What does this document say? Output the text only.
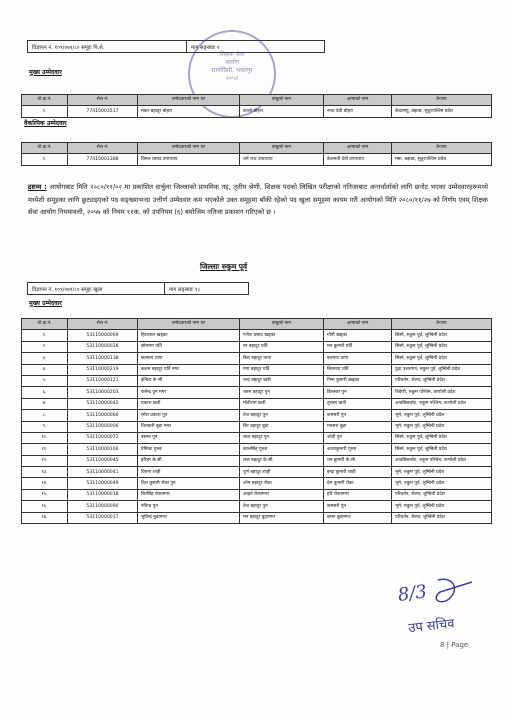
विज्ञापन नं. १०९/०७९/८० समूहः पि.शे.	माग सङ्ख्याः १
शिक्षक सेवा
आयोग
सानोठिमी, भक्तपुर
२०५२
मुख्य उम्मेदवार
यो.क्र.नं.	रोल नं.	उम्मेदवारको नाम थर	बाबुको नाम	आमाको नाम	ठेगाना
१.	77410003517	मकर बहादुर बोहरा	कालो बोहरा	नन्दा देवी बोहरा	केदारस्यु, बझाङ, सुदुरपश्चिम प्रदेश
वैकल्पिक उम्मेदवार
यो.क्र.नं.	रोल नं.	उम्मेदवारको नाम थर	बाबुको नाम	आमाको नाम	ठेगाना
१.	77410001388	विमल प्रसाद उपाध्याय	धर्म राज उपाध्याय	केशमती देवी उपाध्याय	मष्टा, बझाङ, सुदुरपश्चिम प्रदेश
द्रष्टव्य : आयोगबाट मिति २०८०/११/०२ मा प्रकाशित दार्चुला जिल्लाको प्राथमिक तह, तृतीय श्रेणी, शिक्षक पदको लिखित परीक्षाको नतिजाबाट अन्तर्वार्ताको लागि छनोट भएका उम्मेदवारहरूमध्ये मध्येशी समूहका लागि छुट्याइएको पद सङ्ख्याभन्दा उत्तीर्ण उम्मेदवार कम भएकोले उक्त समूहमा बाँकी रहेको पद खुला समूहमा कायम गरी आयोगको मिति २०८०/११/२७ को निर्णय एवम् शिक्षक सेवा आयोग नियमावली, २०५७ को नियम ११क. को उपनियम (६) बमोजिम नतिजा प्रकाशन गरिएको छ ।
जिल्लाः रुकुम पूर्व
विज्ञापन नं. १०९/०७९/८० समूहः खुला	माग सङ्ख्याः १८
मुख्य उम्मेदवार
यो.क्र.नं.	रोल नं.	उम्मेदवारको नाम थर	बाबुको नाम	आमाको नाम	ठेगाना
१.	53110000069	हिरालाल खड्का	गणेश प्रसाद खड्का	गौमी खड्का	सिस्ने, रुकुम पूर्व, लुम्बिनी प्रदेश
२.	53110000028	सोमराम घर्ति	नर बहादुर घर्ति	मन कुमारी घर्ति	सिस्ने, रुकुम पूर्व, लुम्बिनी प्रदेश
३.	53110000138	सतमान थापा	डिल बहादुर थापा	कल्पना थापा	सिस्ने, रुकुम पूर्व, लुम्बिनी प्रदेश
४.	53110000219	कलम बहादुर घर्ति मगर	गंगा बहादुर घर्ति	बिरमाया घर्ति	पुठा उत्तरगंगा, रुकुम पूर्व, लुम्बिनी प्रदेश
५.	53110000121	इन्दिरा के सी	चन्द्र बहादुर खत्री	निमा कुमारी खड्का	परिवर्तन, रोल्पा, लुम्बिनी प्रदेश
६.	53110000203	फनेन्द्र पुन मगर	रकम बहादुर पुन	डिलसरा पुन	त्रिवेणी, रुकुम पश्चिम, कर्णाली प्रदेश
७.	53110000042	प्रकाश खत्री	मोतीराम खत्री	तुलसा खत्री	आठबिसकोट, रुकुम पश्चिम, कर्णाली प्रदेश
८.	53110000066	रमेश प्रकाश पुन	तेज बहादुर पुन	कमसरी पुन	भूमे, रुकुम पूर्व, लुम्बिनी प्रदेश
९.	53110000006	तिलकरी बुढा मगर	बिर बहादुर बुढा	मनसरा बुढा	भूमे, रुकुम पूर्व, लुम्बिनी प्रदेश
१०.	53110000072	बसन्त पुन	लाल बहादुर पुन	ओदी पुन	सिस्ने, रुकुम पूर्व, लुम्बिनी प्रदेश
११.	53110000166	प्रेमिका गुरुङ	कालसिंह गुरुङ	आशाकुमारी गुरुङ	सिस्ने, रुकुम पूर्व, लुम्बिनी प्रदेश
१२.	53110000045	हरिहर के.सी.	लक बहादुर के.सी.	धन कुमारी के.सी.	आठबिसकोट, रुकुम पश्चिम, कर्णाली प्रदेश
१३.	53110000041	विपना शाही	पूर्ण बहादुर शाही	इन्द्रा कुमारी शाही	भूमे, रुकुम पूर्व, लुम्बिनी प्रदेश
१४.	53110000049	दिल कुमारी रोका पुन	ओम बहादुर रोका	प्रेम कुमारी रोका	भूमे, रुकुम पूर्व, लुम्बिनी प्रदेश
१५.	53110000018	बिरसिंह रोकामगर	आइते रोकामगर	हरि रोकामगर	परिवर्तन, रोल्पा, लुम्बिनी प्रदेश
१६.	53110000090	नविन्द्र पुन	तेज बहादुर पुन	कमसरी पुन	भूमे, रुकुम पूर्व, लुम्बिनी प्रदेश
१७.	53110000017	भुविन्द्र बुढामगर	मन बहादुर बुढामगर	बरमा बुढामगर	परिवर्तन, रोल्पा, लुम्बिनी प्रदेश
8/3
उप सचिव
8 | Page
